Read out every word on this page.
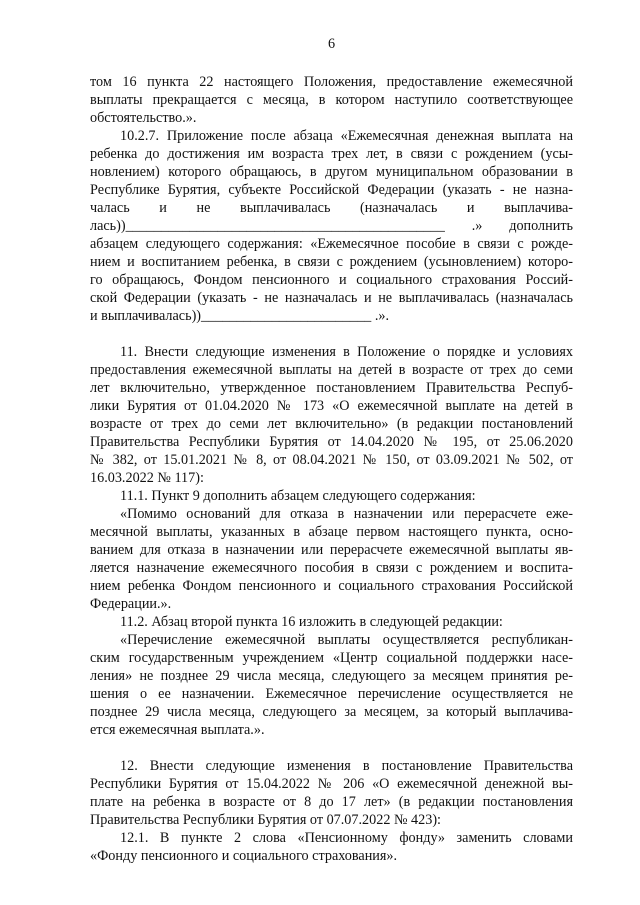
6
том 16 пункта 22 настоящего Положения, предоставление ежемесячной
выплаты прекращается с месяца, в котором наступило соответствующее
обстоятельство.».
10.2.7. Приложение после абзаца «Ежемесячная денежная выплата на
ребенка до достижения им возраста трех лет, в связи с рождением (усы-
новлением) которого обращаюсь, в другом муниципальном образовании в
Республике Бурятия, субъекте Российской Федерации (указать - не назна-
чалась и не выплачивалась (назначалась и выплачива-
лась))_____________________________________________ .» дополнить
абзацем следующего содержания: «Ежемесячное пособие в связи с рожде-
нием и воспитанием ребенка, в связи с рождением (усыновлением) которо-
го обращаюсь, Фондом пенсионного и социального страхования Россий-
ской Федерации (указать - не назначалась и не выплачивалась (назначалась
и выплачивалась))________________________ .».
11. Внести следующие изменения в Положение о порядке и условиях
предоставления ежемесячной выплаты на детей в возрасте от трех до семи
лет включительно, утвержденное постановлением Правительства Респуб-
лики Бурятия от 01.04.2020 № 173 «О ежемесячной выплате на детей в
возрасте от трех до семи лет включительно» (в редакции постановлений
Правительства Республики Бурятия от 14.04.2020 № 195, от 25.06.2020
№ 382, от 15.01.2021 № 8, от 08.04.2021 № 150, от 03.09.2021 № 502, от
16.03.2022 № 117):
11.1. Пункт 9 дополнить абзацем следующего содержания:
«Помимо оснований для отказа в назначении или перерасчете еже-
месячной выплаты, указанных в абзаце первом настоящего пункта, осно-
ванием для отказа в назначении или перерасчете ежемесячной выплаты яв-
ляется назначение ежемесячного пособия в связи с рождением и воспита-
нием ребенка Фондом пенсионного и социального страхования Российской
Федерации.».
11.2. Абзац второй пункта 16 изложить в следующей редакции:
«Перечисление ежемесячной выплаты осуществляется республикан-
ским государственным учреждением «Центр социальной поддержки насе-
ления» не позднее 29 числа месяца, следующего за месяцем принятия ре-
шения о ее назначении. Ежемесячное перечисление осуществляется не
позднее 29 числа месяца, следующего за месяцем, за который выплачива-
ется ежемесячная выплата.».
12. Внести следующие изменения в постановление Правительства
Республики Бурятия от 15.04.2022 № 206 «О ежемесячной денежной вы-
плате на ребенка в возрасте от 8 до 17 лет» (в редакции постановления
Правительства Республики Бурятия от 07.07.2022 № 423):
12.1. В пункте 2 слова «Пенсионному фонду» заменить словами
«Фонду пенсионного и социального страхования».
